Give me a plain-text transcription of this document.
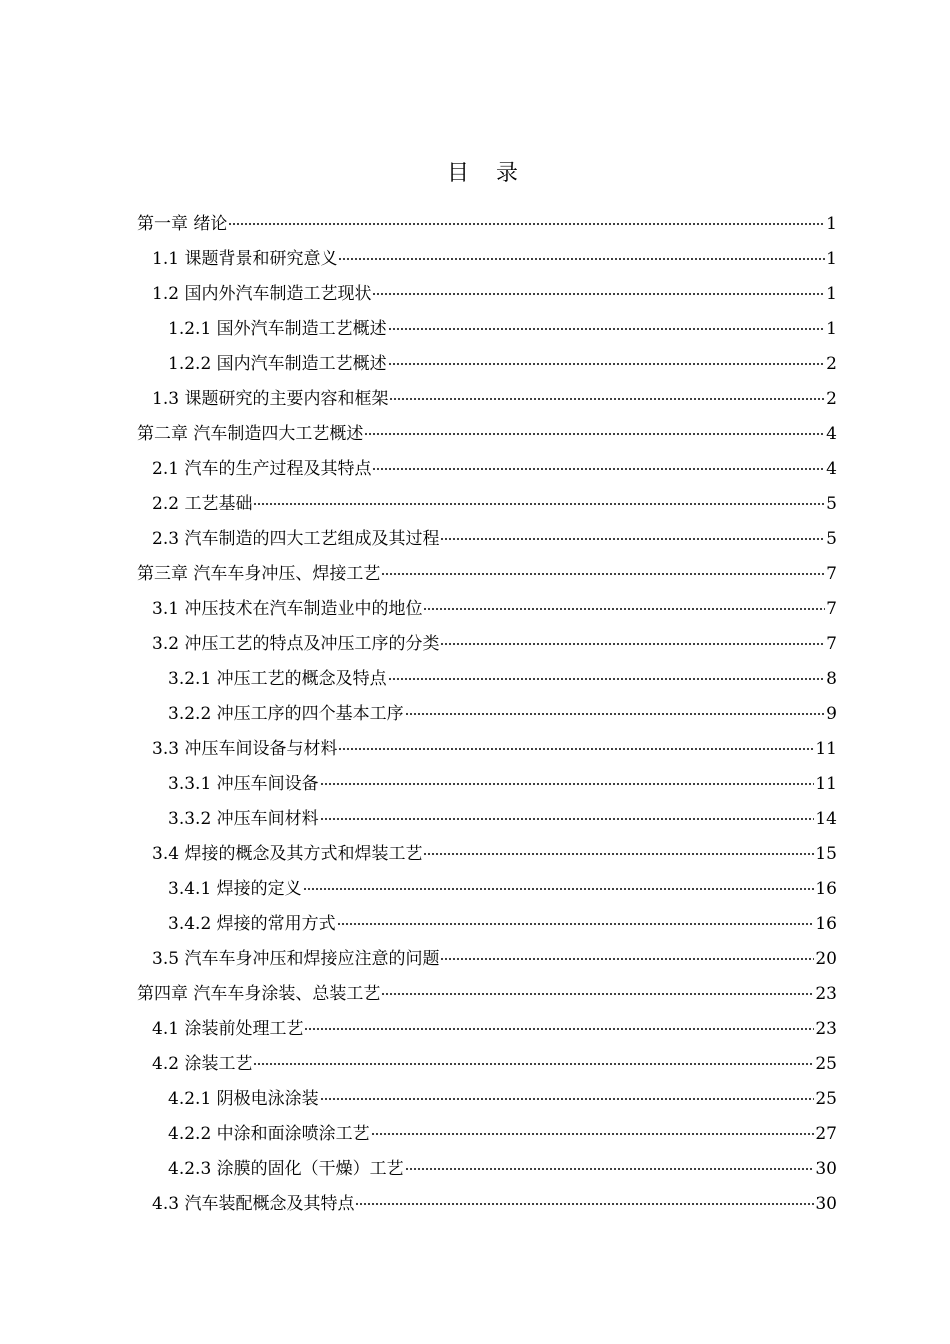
目 录
第一章 绪论	1
1.1 课题背景和研究意义	1
1.2 国内外汽车制造工艺现状	1
1.2.1 国外汽车制造工艺概述	1
1.2.2 国内汽车制造工艺概述	2
1.3 课题研究的主要内容和框架	2
第二章 汽车制造四大工艺概述	4
2.1 汽车的生产过程及其特点	4
2.2 工艺基础	5
2.3 汽车制造的四大工艺组成及其过程	5
第三章 汽车车身冲压、焊接工艺	7
3.1 冲压技术在汽车制造业中的地位	7
3.2 冲压工艺的特点及冲压工序的分类	7
3.2.1 冲压工艺的概念及特点	8
3.2.2 冲压工序的四个基本工序	9
3.3 冲压车间设备与材料	11
3.3.1 冲压车间设备	11
3.3.2 冲压车间材料	14
3.4 焊接的概念及其方式和焊装工艺	15
3.4.1 焊接的定义	16
3.4.2 焊接的常用方式	16
3.5 汽车车身冲压和焊接应注意的问题	20
第四章 汽车车身涂装、总装工艺	23
4.1 涂装前处理工艺	23
4.2 涂装工艺	25
4.2.1 阴极电泳涂装	25
4.2.2 中涂和面涂喷涂工艺	27
4.2.3 涂膜的固化（干燥）工艺	30
4.3 汽车装配概念及其特点	30
